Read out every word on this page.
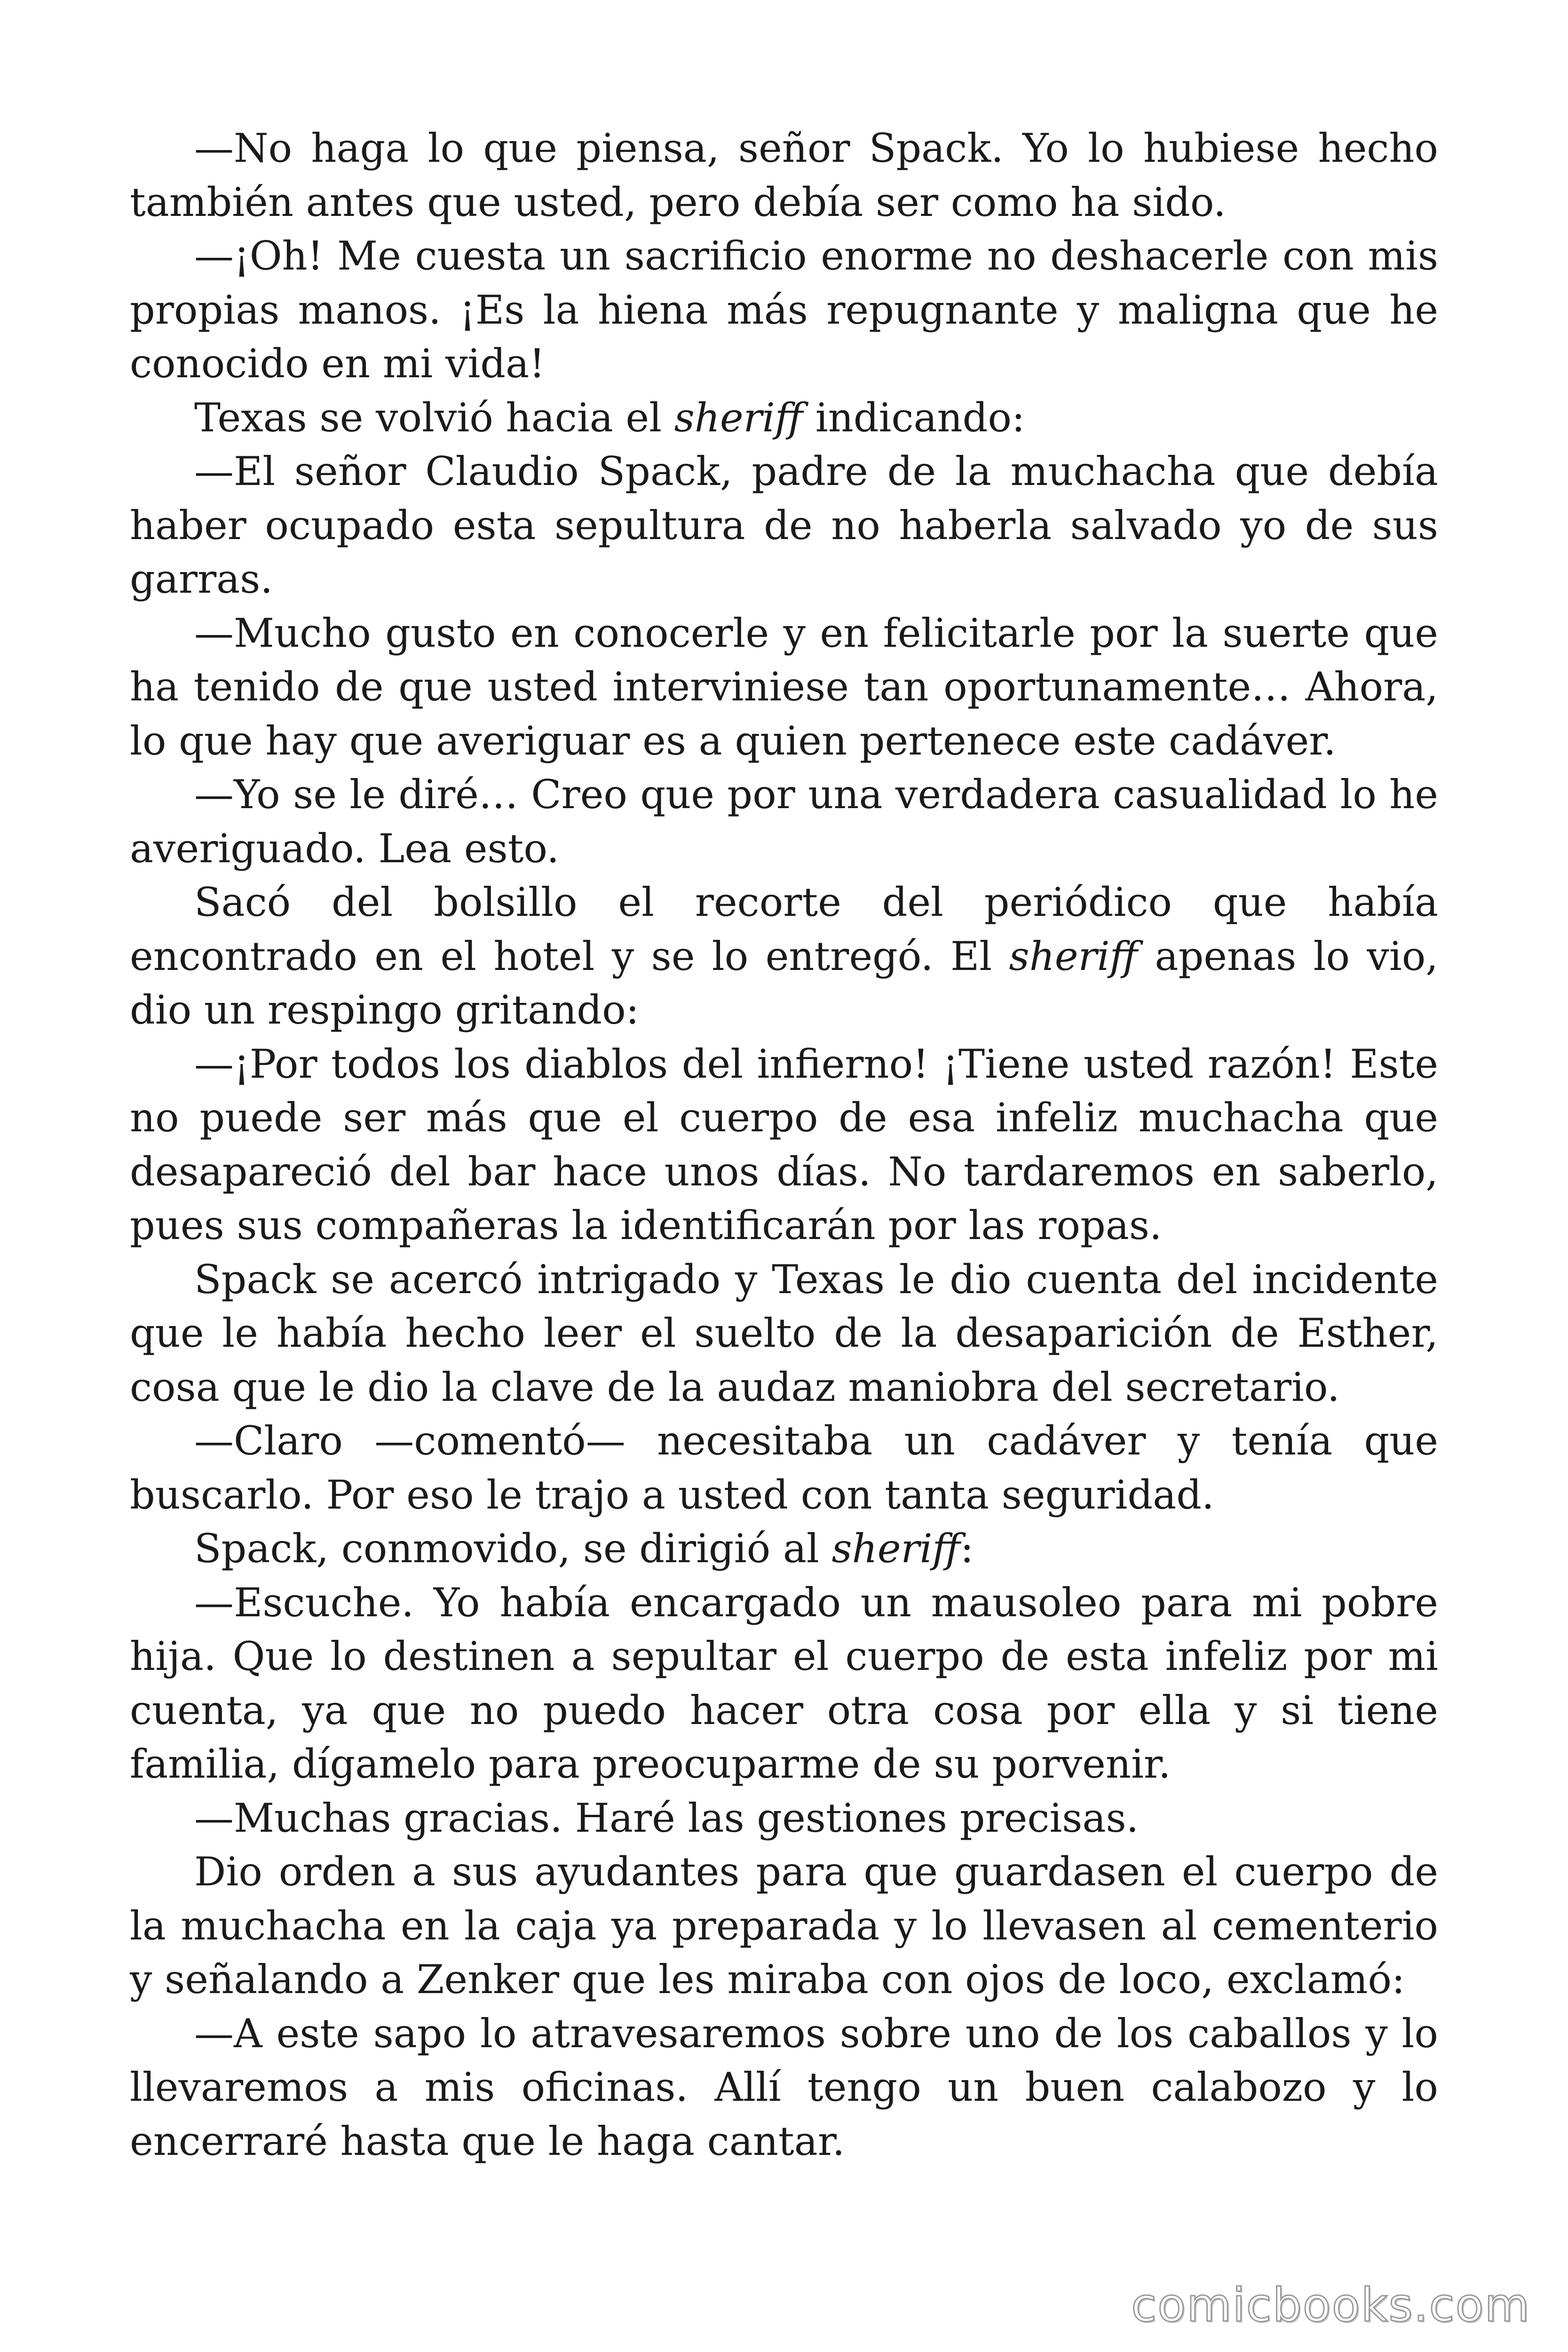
—No haga lo que piensa, señor Spack. Yo lo hubiese hecho también antes que usted, pero debía ser como ha sido.

—¡Oh! Me cuesta un sacrificio enorme no deshacerle con mis propias manos. ¡Es la hiena más repugnante y maligna que he conocido en mi vida!

Texas se volvió hacia el sheriff indicando:

—El señor Claudio Spack, padre de la muchacha que debía haber ocupado esta sepultura de no haberla salvado yo de sus garras.

—Mucho gusto en conocerle y en felicitarle por la suerte que ha tenido de que usted interviniese tan oportunamente… Ahora, lo que hay que averiguar es a quien pertenece este cadáver.

—Yo se le diré… Creo que por una verdadera casualidad lo he averiguado. Lea esto.

Sacó del bolsillo el recorte del periódico que había encontrado en el hotel y se lo entregó. El sheriff apenas lo vio, dio un respingo gritando:

—¡Por todos los diablos del infierno! ¡Tiene usted razón! Este no puede ser más que el cuerpo de esa infeliz muchacha que desapareció del bar hace unos días. No tardaremos en saberlo, pues sus compañeras la identificarán por las ropas.

Spack se acercó intrigado y Texas le dio cuenta del incidente que le había hecho leer el suelto de la desaparición de Esther, cosa que le dio la clave de la audaz maniobra del secretario.

—Claro —comentó— necesitaba un cadáver y tenía que buscarlo. Por eso le trajo a usted con tanta seguridad.

Spack, conmovido, se dirigió al sheriff:

—Escuche. Yo había encargado un mausoleo para mi pobre hija. Que lo destinen a sepultar el cuerpo de esta infeliz por mi cuenta, ya que no puedo hacer otra cosa por ella y si tiene familia, dígamelo para preocuparme de su porvenir.

—Muchas gracias. Haré las gestiones precisas.

Dio orden a sus ayudantes para que guardasen el cuerpo de la muchacha en la caja ya preparada y lo llevasen al cementerio y señalando a Zenker que les miraba con ojos de loco, exclamó:

—A este sapo lo atravesaremos sobre uno de los caballos y lo llevaremos a mis oficinas. Allí tengo un buen calabozo y lo encerraré hasta que le haga cantar.

comicbooks.com
